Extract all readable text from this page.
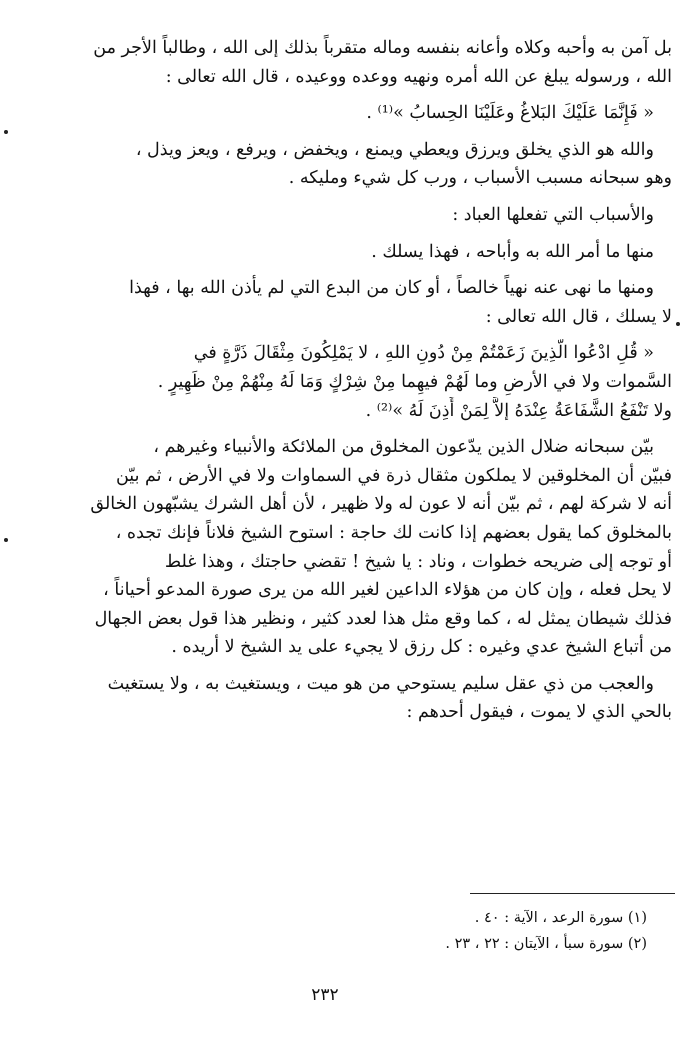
بل آمن به وأحبه وكلاه وأعانه بنفسه وماله متقرباً بذلك إلى الله ، وطالباً الأجر من
الله ، ورسوله يبلغ عن الله أمره ونهيه ووعده ووعيده ، قال الله تعالى :
« فَإِنَّمَا عَلَيْكَ البَلاغُ وعَلَيْنَا الحِسابُ »⁽¹⁾ .
والله هو الذي يخلق ويرزق ويعطي ويمنع ، ويخفض ، ويرفع ، ويعز ويذل ،
وهو سبحانه مسبب الأسباب ، ورب كل شيء ومليكه .
والأسباب التي تفعلها العباد :
منها ما أمر الله به وأباحه ، فهذا يسلك .
ومنها ما نهى عنه نهياً خالصاً ، أو كان من البدع التي لم يأذن الله بها ، فهذا
لا يسلك ، قال الله تعالى :
« قُلِ ادْعُوا الَّذِينَ زَعَمْتُمْ مِنْ دُونِ اللهِ ، لا يَمْلِكُونَ مِثْقَالَ ذَرَّةٍ في
السَّموات ولا في الأرضِ وما لَهُمْ فيهِما مِنْ شِرْكٍ وَمَا لَهُ مِنْهُمْ مِنْ ظَهِيرٍ .
ولا تَنْفَعُ الشَّفَاعَةُ عِنْدَهُ إلاَّ لِمَنْ أَذِنَ لَهُ »⁽²⁾ .
بيّن سبحانه ضلال الذين يدّعون المخلوق من الملائكة والأنبياء وغيرهم ،
فبيّن أن المخلوقين لا يملكون مثقال ذرة في السماوات ولا في الأرض ، ثم بيّن
أنه لا شركة لهم ، ثم بيّن أنه لا عون له ولا ظهير ، لأن أهل الشرك يشبّهون الخالق
بالمخلوق كما يقول بعضهم إذا كانت لك حاجة : استوح الشيخ فلاناً فإنك تجده ،
أو توجه إلى ضريحه خطوات ، وناد : يا شيخ ! تقضي حاجتك ، وهذا غلط
لا يحل فعله ، وإن كان من هؤلاء الداعين لغير الله من يرى صورة المدعو أحياناً ،
فذلك شيطان يمثل له ، كما وقع مثل هذا لعدد كثير ، ونظير هذا قول بعض الجهال
من أتباع الشيخ عدي وغيره : كل رزق لا يجيء على يد الشيخ لا أريده .
والعجب من ذي عقل سليم يستوحي من هو ميت ، ويستغيث به ، ولا يستغيث
بالحي الذي لا يموت ، فيقول أحدهم :
(١) سورة الرعد ، الآية : ٤٠ .
(٢) سورة سبأ ، الآيتان : ٢٢ ، ٢٣ .
٢٣٢
